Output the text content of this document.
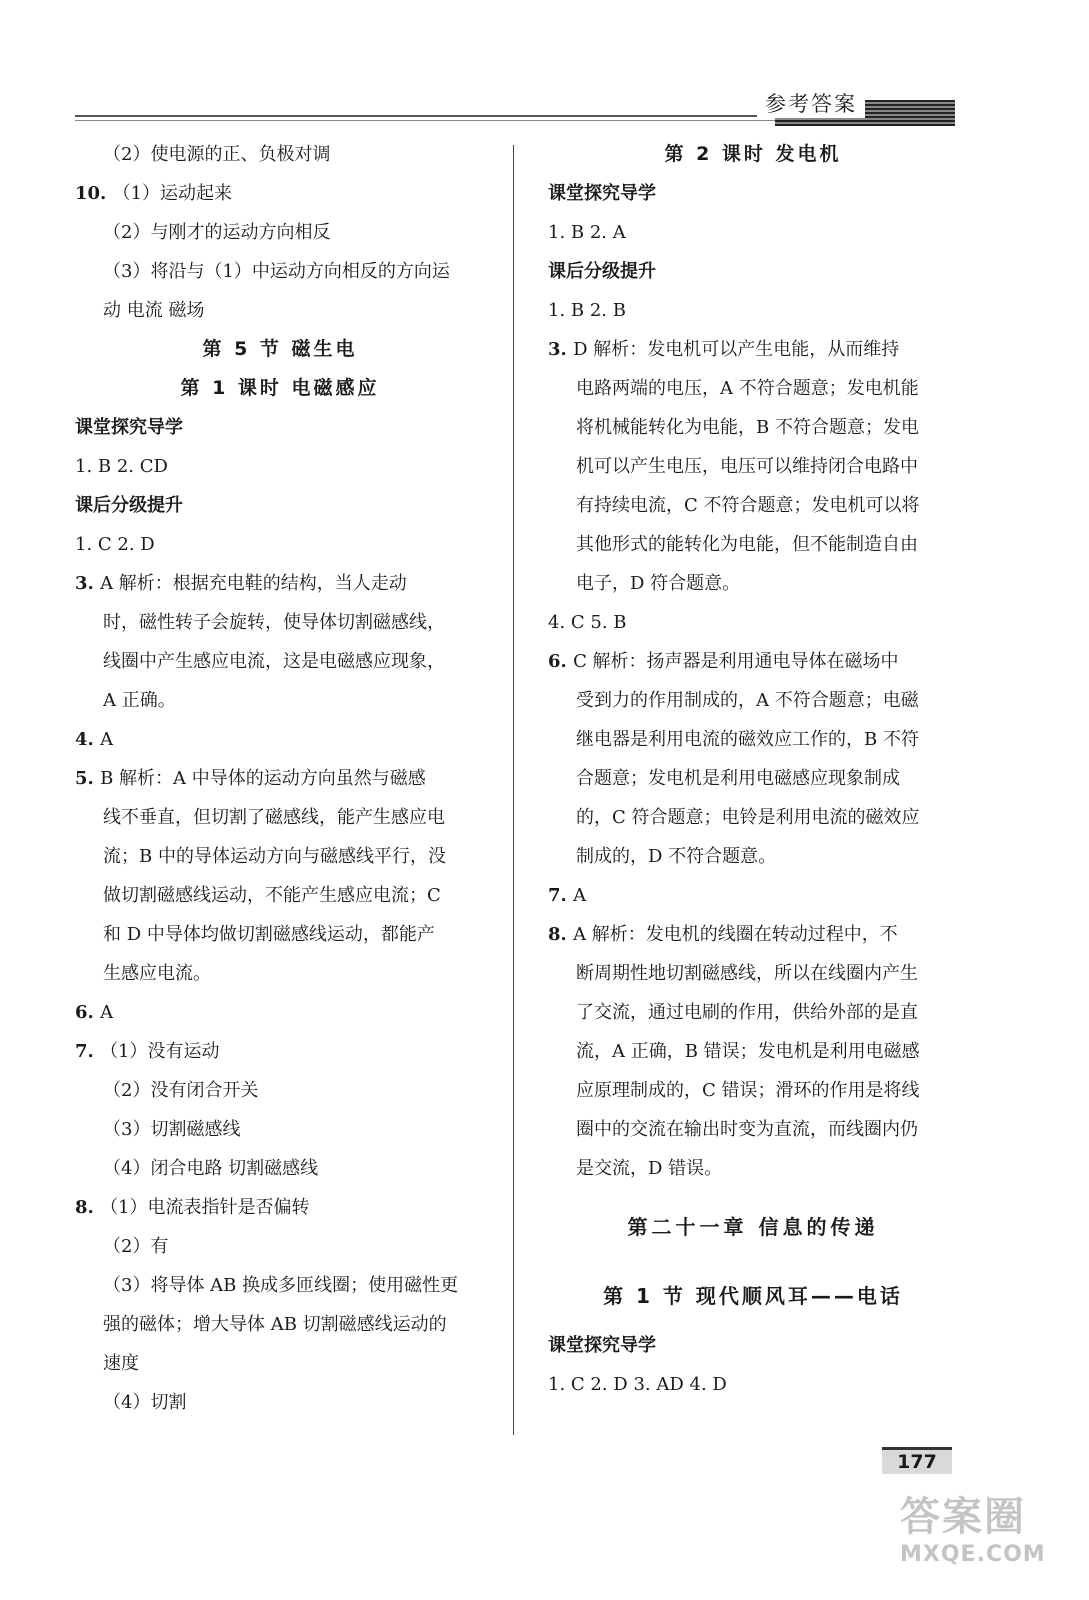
参考答案
（2）使电源的正、负极对调
10. （1）运动起来
（2）与刚才的运动方向相反
（3）将沿与（1）中运动方向相反的方向运
动 电流 磁场
第 5 节 磁生电
第 1 课时 电磁感应
课堂探究导学
1. B 2. CD
课后分级提升
1. C 2. D
3. A 解析：根据充电鞋的结构，当人走动
时，磁性转子会旋转，使导体切割磁感线，
线圈中产生感应电流，这是电磁感应现象，
A 正确。
4. A
5. B 解析：A 中导体的运动方向虽然与磁感
线不垂直，但切割了磁感线，能产生感应电
流；B 中的导体运动方向与磁感线平行，没
做切割磁感线运动，不能产生感应电流；C
和 D 中导体均做切割磁感线运动，都能产
生感应电流。
6. A
7. （1）没有运动
（2）没有闭合开关
（3）切割磁感线
（4）闭合电路 切割磁感线
8. （1）电流表指针是否偏转
（2）有
（3）将导体 AB 换成多匝线圈；使用磁性更
强的磁体；增大导体 AB 切割磁感线运动的
速度
（4）切割
第 2 课时 发电机
课堂探究导学
1. B 2. A
课后分级提升
1. B 2. B
3. D 解析：发电机可以产生电能，从而维持
电路两端的电压，A 不符合题意；发电机能
将机械能转化为电能，B 不符合题意；发电
机可以产生电压，电压可以维持闭合电路中
有持续电流，C 不符合题意；发电机可以将
其他形式的能转化为电能，但不能制造自由
电子，D 符合题意。
4. C 5. B
6. C 解析：扬声器是利用通电导体在磁场中
受到力的作用制成的，A 不符合题意；电磁
继电器是利用电流的磁效应工作的，B 不符
合题意；发电机是利用电磁感应现象制成
的，C 符合题意；电铃是利用电流的磁效应
制成的，D 不符合题意。
7. A
8. A 解析：发电机的线圈在转动过程中，不
断周期性地切割磁感线，所以在线圈内产生
了交流，通过电刷的作用，供给外部的是直
流，A 正确，B 错误；发电机是利用电磁感
应原理制成的，C 错误；滑环的作用是将线
圈中的交流在输出时变为直流，而线圈内仍
是交流，D 错误。
第二十一章 信息的传递
第 1 节 现代顺风耳——电话
课堂探究导学
1. C 2. D 3. AD 4. D
177
答案圈
MXQE.COM
